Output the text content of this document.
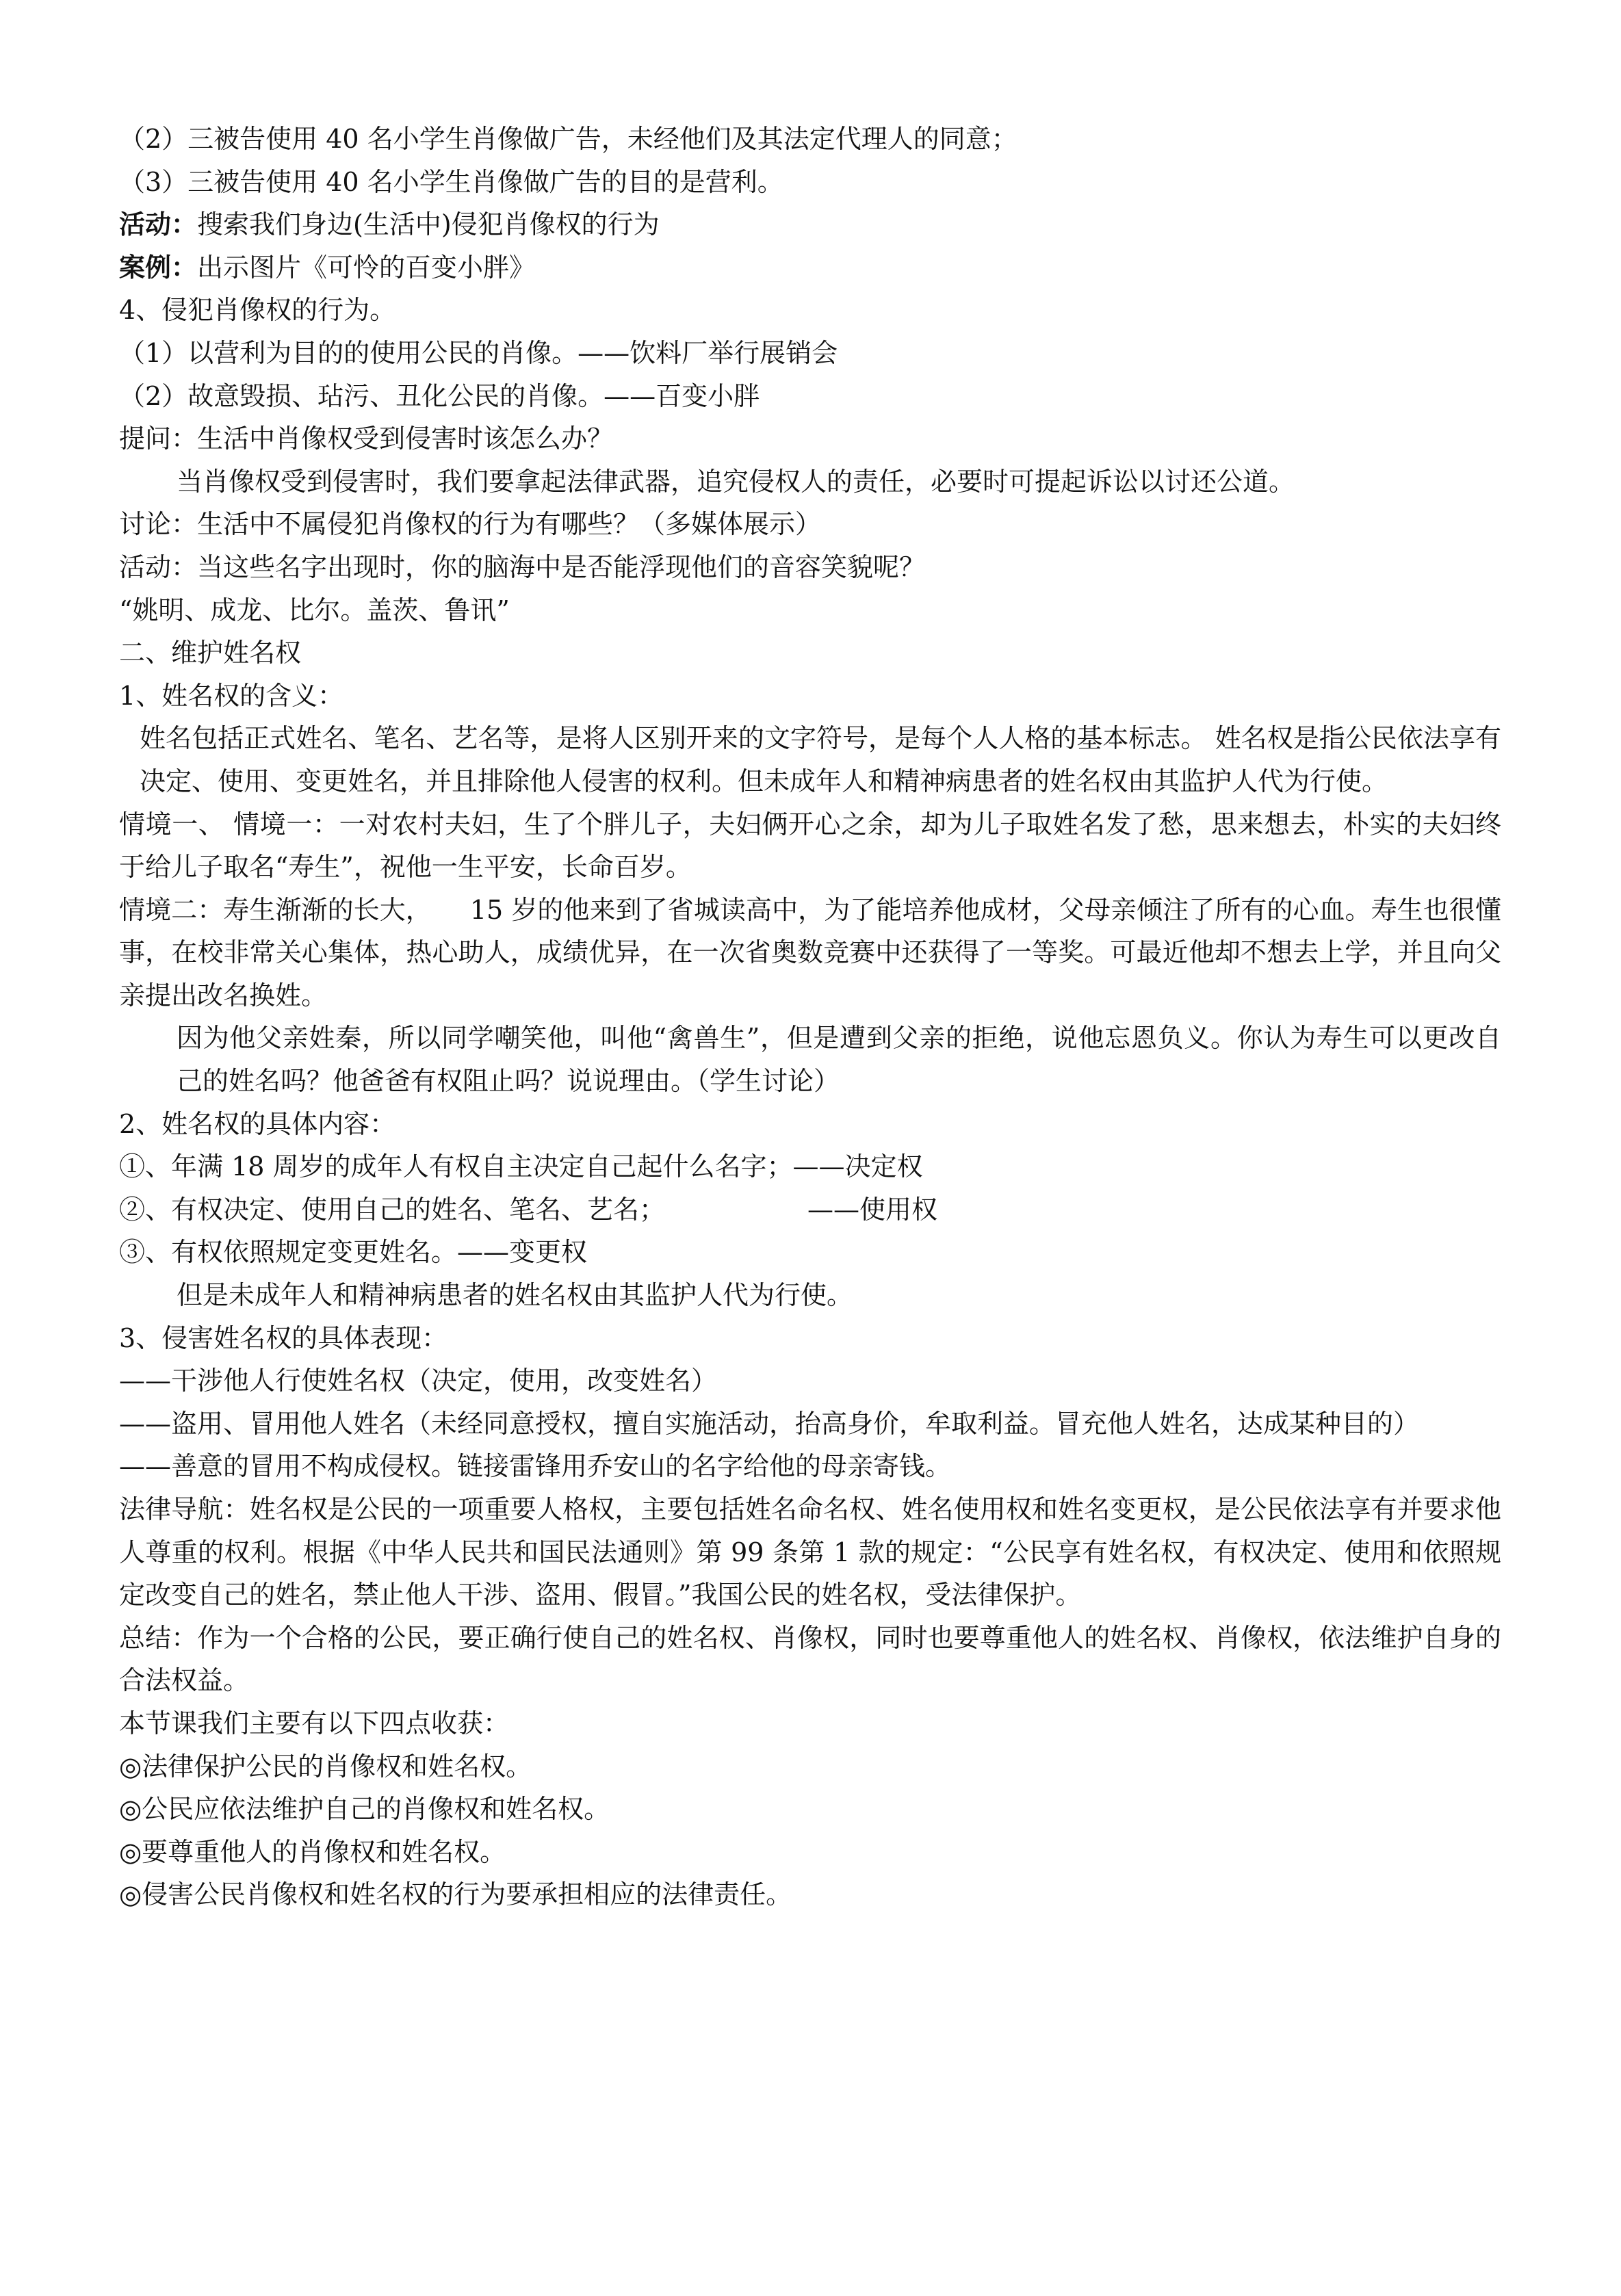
（2）三被告使用 40 名小学生肖像做广告，未经他们及其法定代理人的同意；

（3）三被告使用 40 名小学生肖像做广告的目的是营利。

活动：搜索我们身边(生活中)侵犯肖像权的行为

案例：出示图片《可怜的百变小胖》

4、侵犯肖像权的行为。

（1）以营利为目的的使用公民的肖像。——饮料厂举行展销会

（2）故意毁损、玷污、丑化公民的肖像。——百变小胖

提问：生活中肖像权受到侵害时该怎么办？

当肖像权受到侵害时，我们要拿起法律武器，追究侵权人的责任，必要时可提起诉讼以讨还公道。

讨论：生活中不属侵犯肖像权的行为有哪些？（多媒体展示）

活动：当这些名字出现时，你的脑海中是否能浮现他们的音容笑貌呢？

“姚明、成龙、比尔。盖茨、鲁讯”

二、维护姓名权

1、姓名权的含义：

姓名包括正式姓名、笔名、艺名等，是将人区别开来的文字符号，是每个人人格的基本标志。 姓名权是指公民依法享有决定、使用、变更姓名，并且排除他人侵害的权利。但未成年人和精神病患者的姓名权由其监护人代为行使。

情境一、 情境一：一对农村夫妇，生了个胖儿子，夫妇俩开心之余，却为儿子取姓名发了愁，思来想去，朴实的夫妇终于给儿子取名“寿生”，祝他一生平安，长命百岁。

情境二：寿生渐渐的长大， 15 岁的他来到了省城读高中，为了能培养他成材，父母亲倾注了所有的心血。寿生也很懂事，在校非常关心集体，热心助人，成绩优异，在一次省奥数竞赛中还获得了一等奖。可最近他却不想去上学，并且向父亲提出改名换姓。

因为他父亲姓秦，所以同学嘲笑他，叫他“禽兽生”，但是遭到父亲的拒绝，说他忘恩负义。你认为寿生可以更改自己的姓名吗？他爸爸有权阻止吗？说说理由。（学生讨论）

2、姓名权的具体内容：

①、年满 18 周岁的成年人有权自主决定自己起什么名字；——决定权

②、有权决定、使用自己的姓名、笔名、艺名；	——使用权

③、有权依照规定变更姓名。——变更权

但是未成年人和精神病患者的姓名权由其监护人代为行使。

3、侵害姓名权的具体表现：

——干涉他人行使姓名权（决定，使用，改变姓名）

——盗用、冒用他人姓名（未经同意授权，擅自实施活动，抬高身价，牟取利益。冒充他人姓名，达成某种目的）

——善意的冒用不构成侵权。链接雷锋用乔安山的名字给他的母亲寄钱。

法律导航：姓名权是公民的一项重要人格权，主要包括姓名命名权、姓名使用权和姓名变更权，是公民依法享有并要求他人尊重的权利。根据《中华人民共和国民法通则》第 99 条第 1 款的规定：“公民享有姓名权，有权决定、使用和依照规定改变自己的姓名，禁止他人干涉、盗用、假冒。”我国公民的姓名权，受法律保护。

总结：作为一个合格的公民，要正确行使自己的姓名权、肖像权，同时也要尊重他人的姓名权、肖像权，依法维护自身的合法权益。

本节课我们主要有以下四点收获：

◎法律保护公民的肖像权和姓名权。

◎公民应依法维护自己的肖像权和姓名权。

◎要尊重他人的肖像权和姓名权。

◎侵害公民肖像权和姓名权的行为要承担相应的法律责任。
